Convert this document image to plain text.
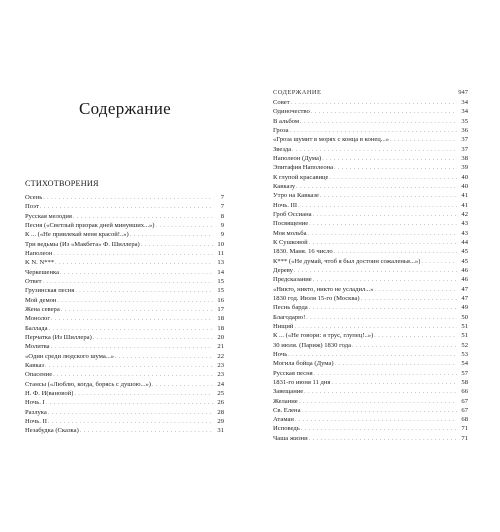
Содержание
СТИХОТВОРЕНИЯ
Осень . . .	7
Поэт . . .	7
Русская мелодия . . .	8
Песня («Светлый призрак дней минувших...») . . .	9
К ... («Не привлекай меня красой!..») . . .	9
Три ведьмы (Из «Макбета» Ф. Шиллера) . . .	10
Наполеон . . .	11
K N. N*** . . .	13
Черкешенка . . .	14
Ответ . . .	15
Грузинская песня . . .	15
Мой демон . . .	16
Жена севера . . .	17
Монолог . . .	18
Баллада . . .	18
Перчатка (Из Шиллера) . . .	20
Молитва . . .	21
«Один среди людского шума...» . . .	22
Кавказ . . .	23
Опасение . . .	23
Стансы («Люблю, когда, борясь с душою...») . . .	24
Н. Ф. И(вановой) . . .	25
Ночь. I . . .	26
Разлука . . .	28
Ночь. II . . .	29
Незабудка (Сказка) . . .	31
СОДЕРЖАНИЕ	947
Совет . . .	34
Одиночество . . .	34
В альбом . . .	35
Гроза . . .	36
«Гроза шумит в морях с конца в конец...» . . .	37
Звезда . . .	37
Наполеон (Дума) . . .	38
Эпитафия Наполеона . . .	39
К глупой красавице . . .	40
Кавказу . . .	40
Утро на Кавказе . . .	41
Ночь. III . . .	41
Гроб Оссиана . . .	42
Посвящение . . .	43
Моя мольба . . .	43
К Сушковой . . .	44
1830. Маия. 16 число . . .	45
К*** («Не думай, чтоб я был достоин сожаленья...») . . .	45
Дереву . . .	46
Предсказание . . .	46
«Никто, никто, никто не усладил...» . . .	47
1830 год. Июля 15-го (Москва) . . .	47
Песнь барда . . .	49
Благодарю! . . .	50
Нищий . . .	51
К ... («Не говори: я трус, глупец!..») . . .	51
30 июля. (Париж) 1830 года . . .	52
Ночь . . .	53
Могила бойца (Дума) . . .	54
Русская песня . . .	57
1831-го июня 11 дня . . .	58
Завещание . . .	66
Желание . . .	67
Св. Елена . . .	67
Атаман . . .	68
Исповедь . . .	71
Чаша жизни . . .	71
